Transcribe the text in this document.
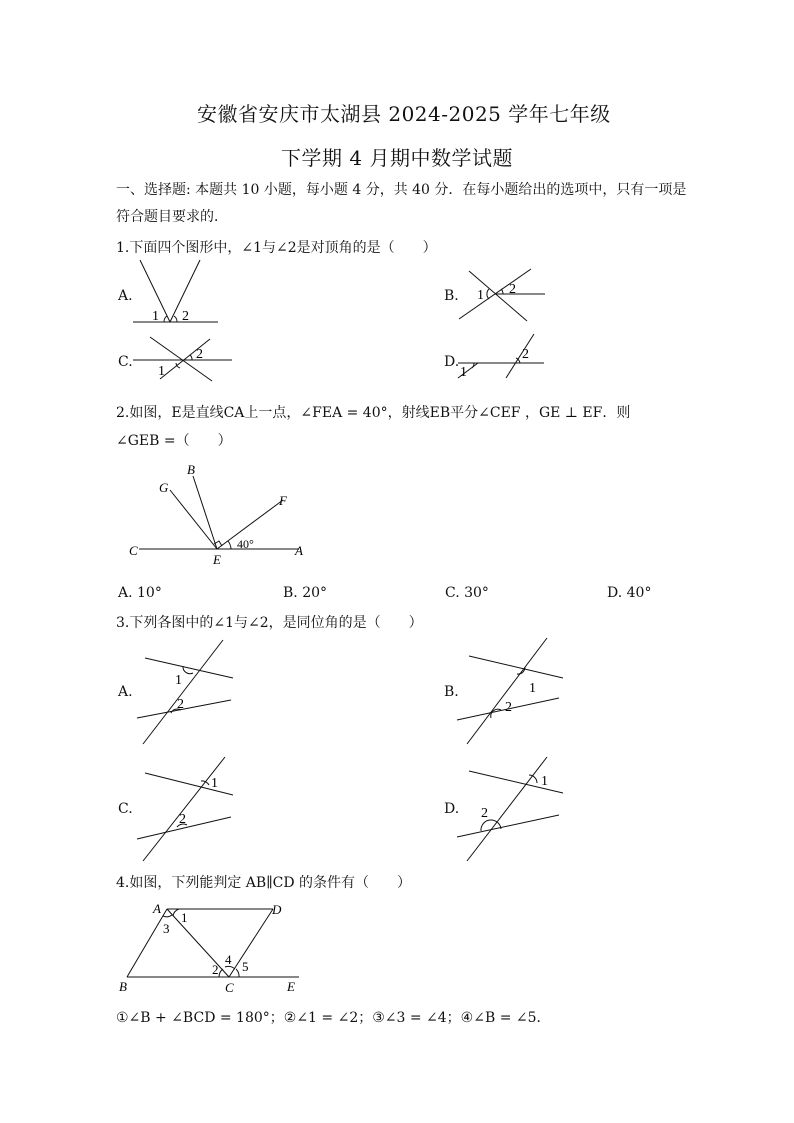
安徽省安庆市太湖县 2024-2025 学年七年级
下学期 4 月期中数学试题
一、选择题: 本题共 10 小题，每小题 4 分，共 40 分．在每小题给出的选项中，只有一项是
符合题目要求的．
1.下面四个图形中，∠1与∠2是对顶角的是（　　）
A.
1 2
B. 1 2
C.
1
2	D.
1
2
2.如图，E是直线CA上一点，∠FEA = 40°，射线EB平分∠CEF ，GE ⊥ EF．则
∠GEB =（　　）
C	A
E
G
B
F
40°
A. 10°	B. 20°	C. 30°	D. 40°
3.下列各图中的∠1与∠2，是同位角的是（　　）
A.
1
2
B.	1
2
C.
1
2
D.
1
2
4.如图，下列能判定 AB∥CD 的条件有（　　）
A	D
B	C	E
1
2
3
4 5
①∠B + ∠BCD = 180°；②∠1 = ∠2；③∠3 = ∠4；④∠B = ∠5．
